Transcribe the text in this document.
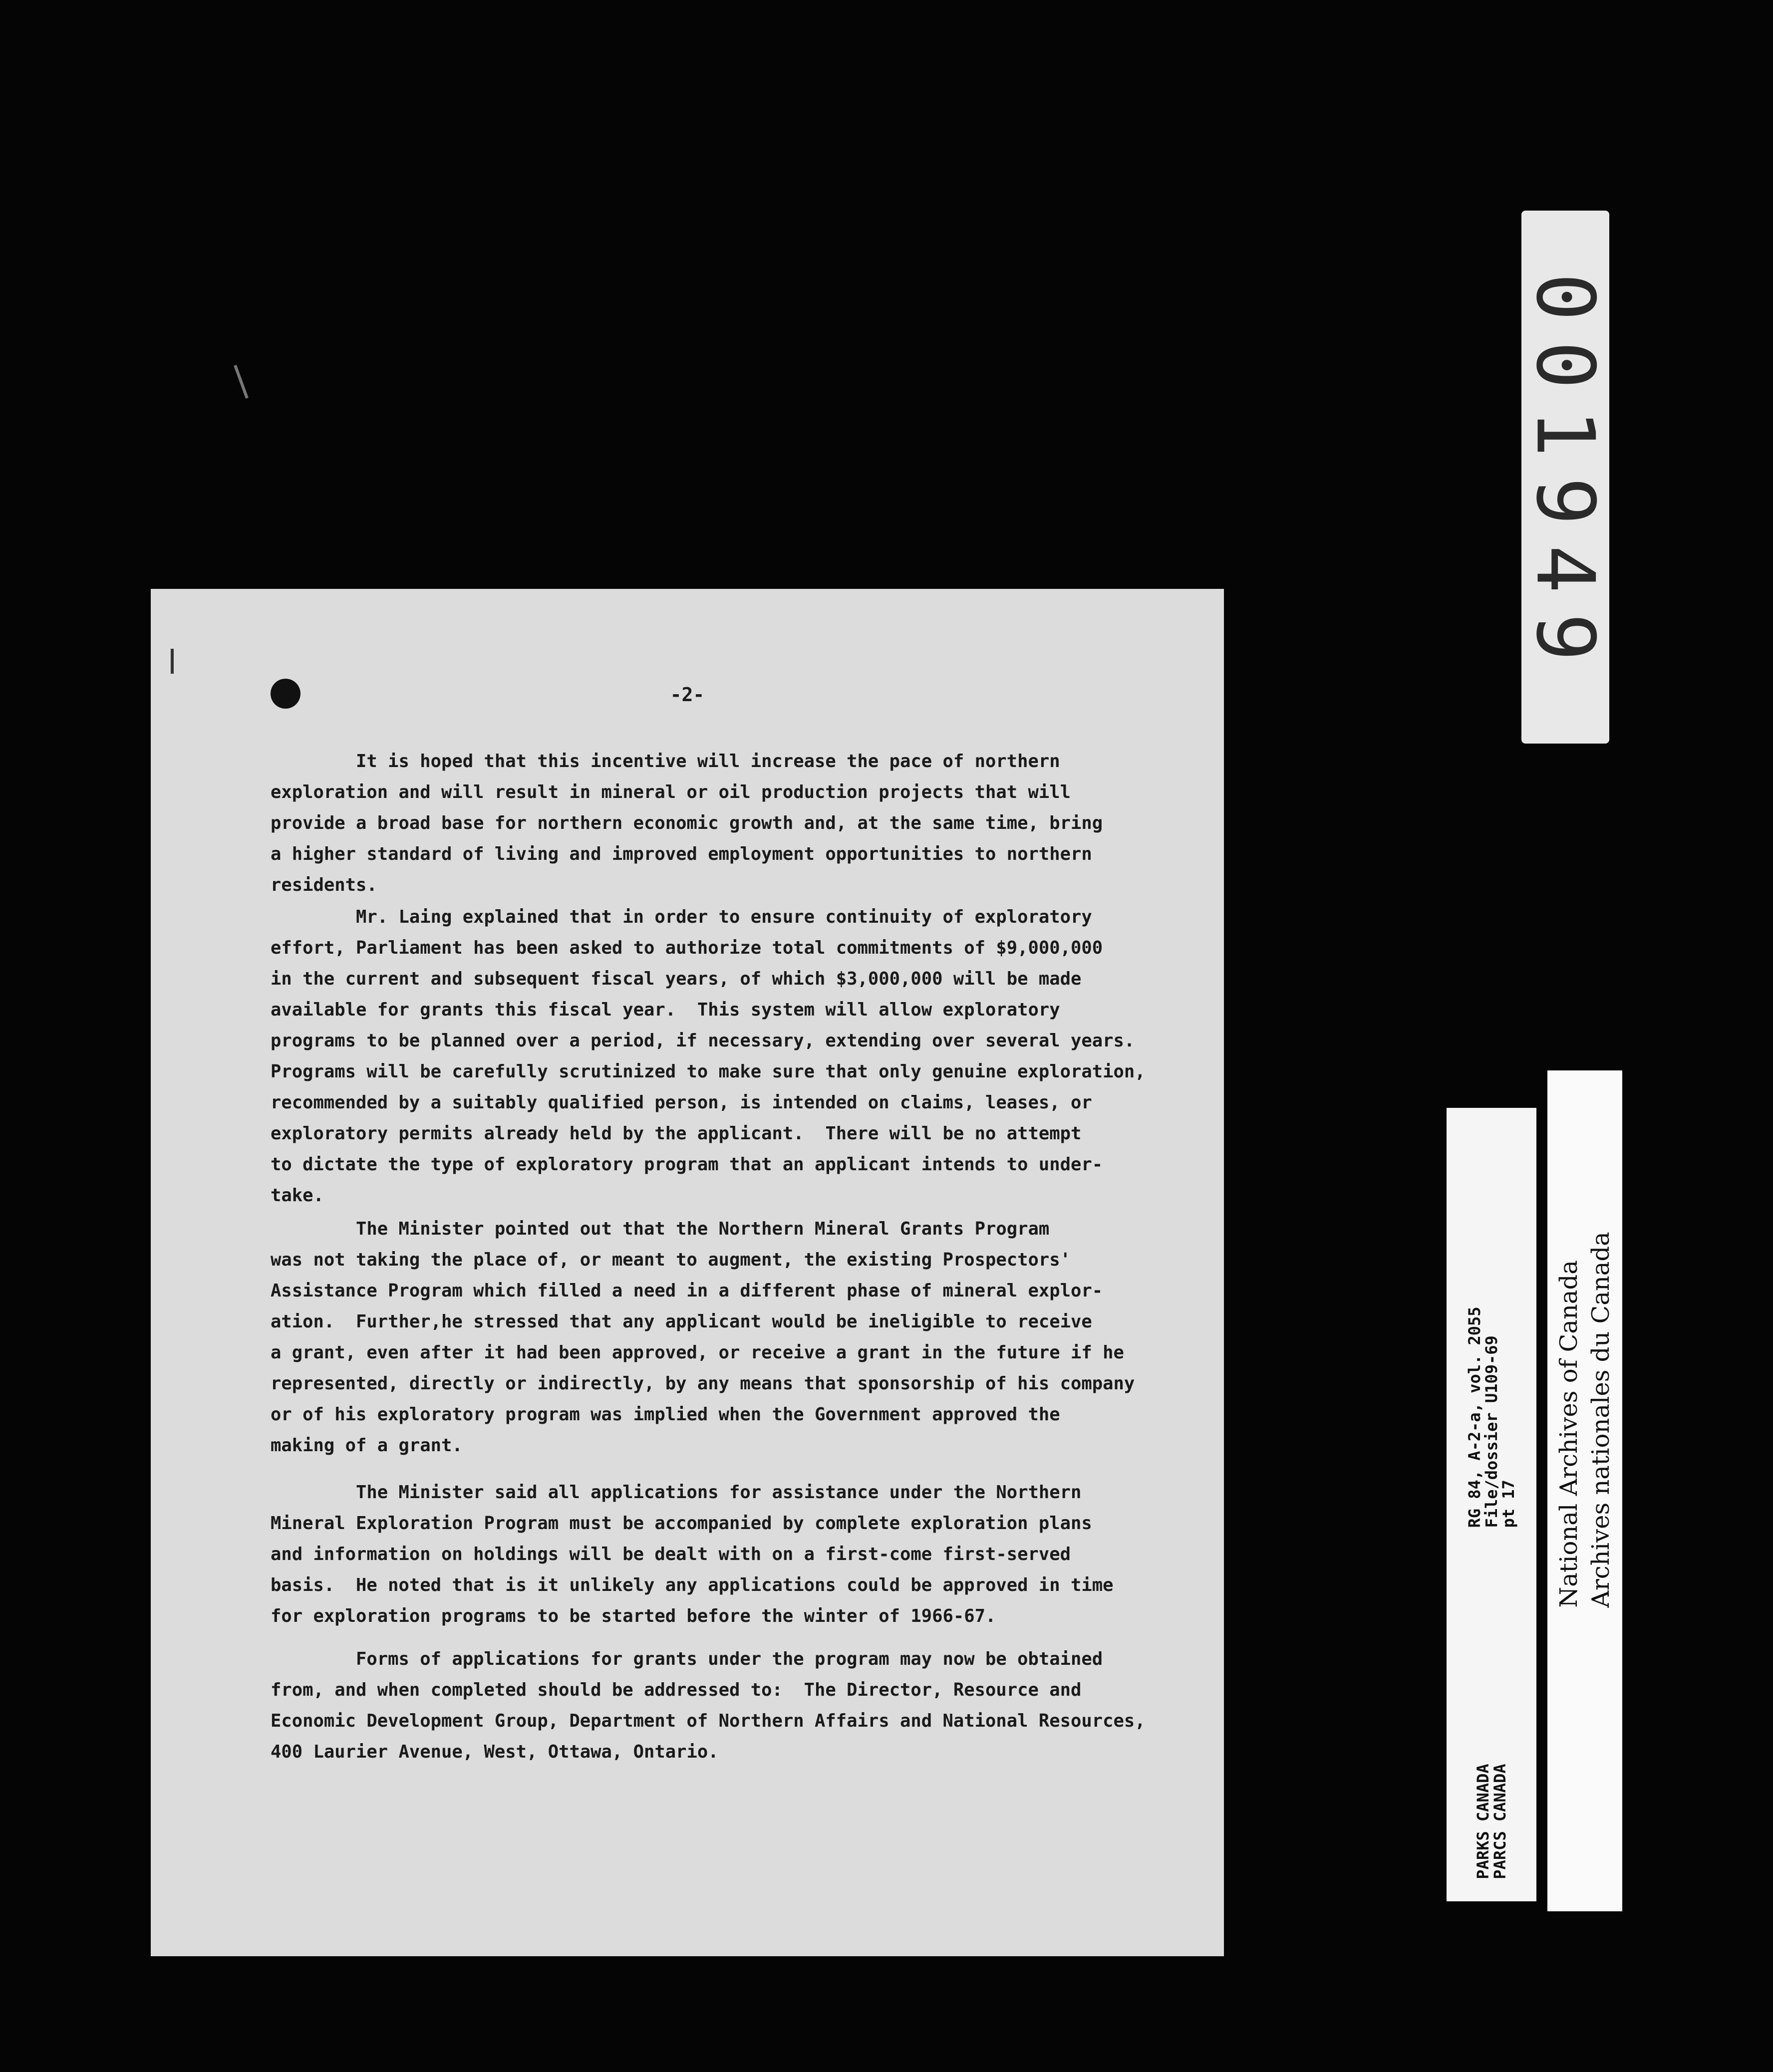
-2-
It is hoped that this incentive will increase the pace of northern
exploration and will result in mineral or oil production projects that will
provide a broad base for northern economic growth and, at the same time, bring
a higher standard of living and improved employment opportunities to northern
residents.
Mr. Laing explained that in order to ensure continuity of exploratory
effort, Parliament has been asked to authorize total commitments of $9,000,000
in the current and subsequent fiscal years, of which $3,000,000 will be made
available for grants this fiscal year.  This system will allow exploratory
programs to be planned over a period, if necessary, extending over several years.
Programs will be carefully scrutinized to make sure that only genuine exploration,
recommended by a suitably qualified person, is intended on claims, leases, or
exploratory permits already held by the applicant.  There will be no attempt
to dictate the type of exploratory program that an applicant intends to under-
take.
The Minister pointed out that the Northern Mineral Grants Program
was not taking the place of, or meant to augment, the existing Prospectors'
Assistance Program which filled a need in a different phase of mineral explor-
ation.  Further,he stressed that any applicant would be ineligible to receive
a grant, even after it had been approved, or receive a grant in the future if he
represented, directly or indirectly, by any means that sponsorship of his company
or of his exploratory program was implied when the Government approved the
making of a grant.
The Minister said all applications for assistance under the Northern
Mineral Exploration Program must be accompanied by complete exploration plans
and information on holdings will be dealt with on a first-come first-served
basis.  He noted that is it unlikely any applications could be approved in time
for exploration programs to be started before the winter of 1966-67.
Forms of applications for grants under the program may now be obtained
from, and when completed should be addressed to:  The Director, Resource and
Economic Development Group, Department of Northern Affairs and National Resources,
400 Laurier Avenue, West, Ottawa, Ontario.
001949
RG 84, A-2-a, vol. 2055
File/dossier U109-69
pt 17
PARKS CANADA
PARCS CANADA
National Archives of Canada Archives nationales du Canada
